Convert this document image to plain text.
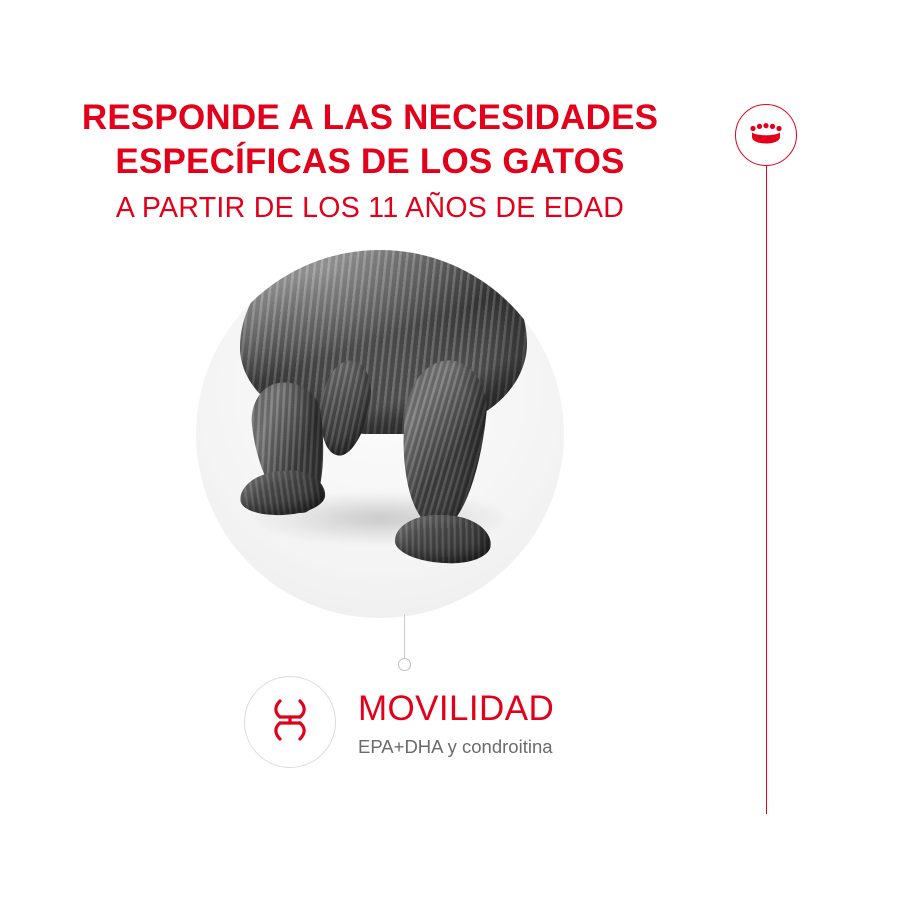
RESPONDE A LAS NECESIDADES
ESPECÍFICAS DE LOS GATOS
A PARTIR DE LOS 11 AÑOS DE EDAD
MOVILIDAD
EPA+DHA y condroitina
